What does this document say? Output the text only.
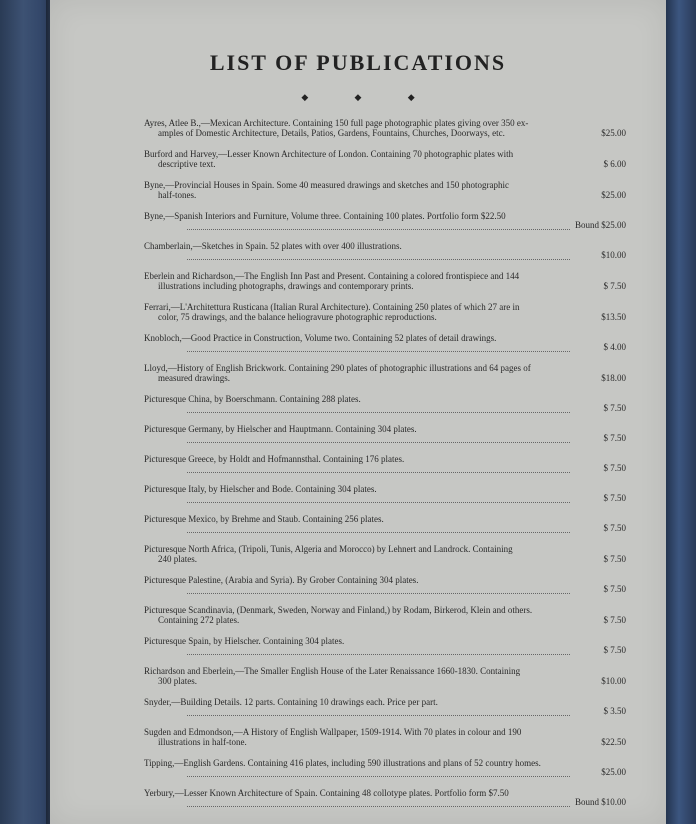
LIST OF PUBLICATIONS
◆ ◆ ◆
Ayres, Atlee B.,—Mexican Architecture. Containing 150 full page photographic plates giving over 350 ex-
amples of Domestic Architecture, Details, Patios, Gardens, Fountains, Churches, Doorways, etc.	$25.00
Burford and Harvey,—Lesser Known Architecture of London. Containing 70 photographic plates with
descriptive text.	$ 6.00
Byne,—Provincial Houses in Spain. Some 40 measured drawings and sketches and 150 photographic
half-tones.	$25.00
Byne,—Spanish Interiors and Furniture, Volume three. Containing 100 plates. Portfolio form $22.50
Bound $25.00
Chamberlain,—Sketches in Spain. 52 plates with over 400 illustrations.
$10.00
Eberlein and Richardson,—The English Inn Past and Present. Containing a colored frontispiece and 144
illustrations including photographs, drawings and contemporary prints.	$ 7.50
Ferrari,—L'Architettura Rusticana (Italian Rural Architecture). Containing 250 plates of which 27 are in
color, 75 drawings, and the balance heliogravure photographic reproductions.	$13.50
Knobloch,—Good Practice in Construction, Volume two. Containing 52 plates of detail drawings.
$ 4.00
Lloyd,—History of English Brickwork. Containing 290 plates of photographic illustrations and 64 pages of
measured drawings.	$18.00
Picturesque China, by Boerschmann. Containing 288 plates.
$ 7.50
Picturesque Germany, by Hielscher and Hauptmann. Containing 304 plates.
$ 7.50
Picturesque Greece, by Holdt and Hofmannsthal. Containing 176 plates.
$ 7.50
Picturesque Italy, by Hielscher and Bode. Containing 304 plates.
$ 7.50
Picturesque Mexico, by Brehme and Staub. Containing 256 plates.
$ 7.50
Picturesque North Africa, (Tripoli, Tunis, Algeria and Morocco) by Lehnert and Landrock. Containing
240 plates.	$ 7.50
Picturesque Palestine, (Arabia and Syria). By Grober Containing 304 plates.
$ 7.50
Picturesque Scandinavia, (Denmark, Sweden, Norway and Finland,) by Rodam, Birkerod, Klein and others.
Containing 272 plates.	$ 7.50
Picturesque Spain, by Hielscher. Containing 304 plates.
$ 7.50
Richardson and Eberlein,—The Smaller English House of the Later Renaissance 1660-1830. Containing
300 plates.	$10.00
Snyder,—Building Details. 12 parts. Containing 10 drawings each. Price per part.
$ 3.50
Sugden and Edmondson,—A History of English Wallpaper, 1509-1914. With 70 plates in colour and 190
illustrations in half-tone.	$22.50
Tipping,—English Gardens. Containing 416 plates, including 590 illustrations and plans of 52 country homes.
$25.00
Yerbury,—Lesser Known Architecture of Spain. Containing 48 collotype plates. Portfolio form $7.50
Bound $10.00
